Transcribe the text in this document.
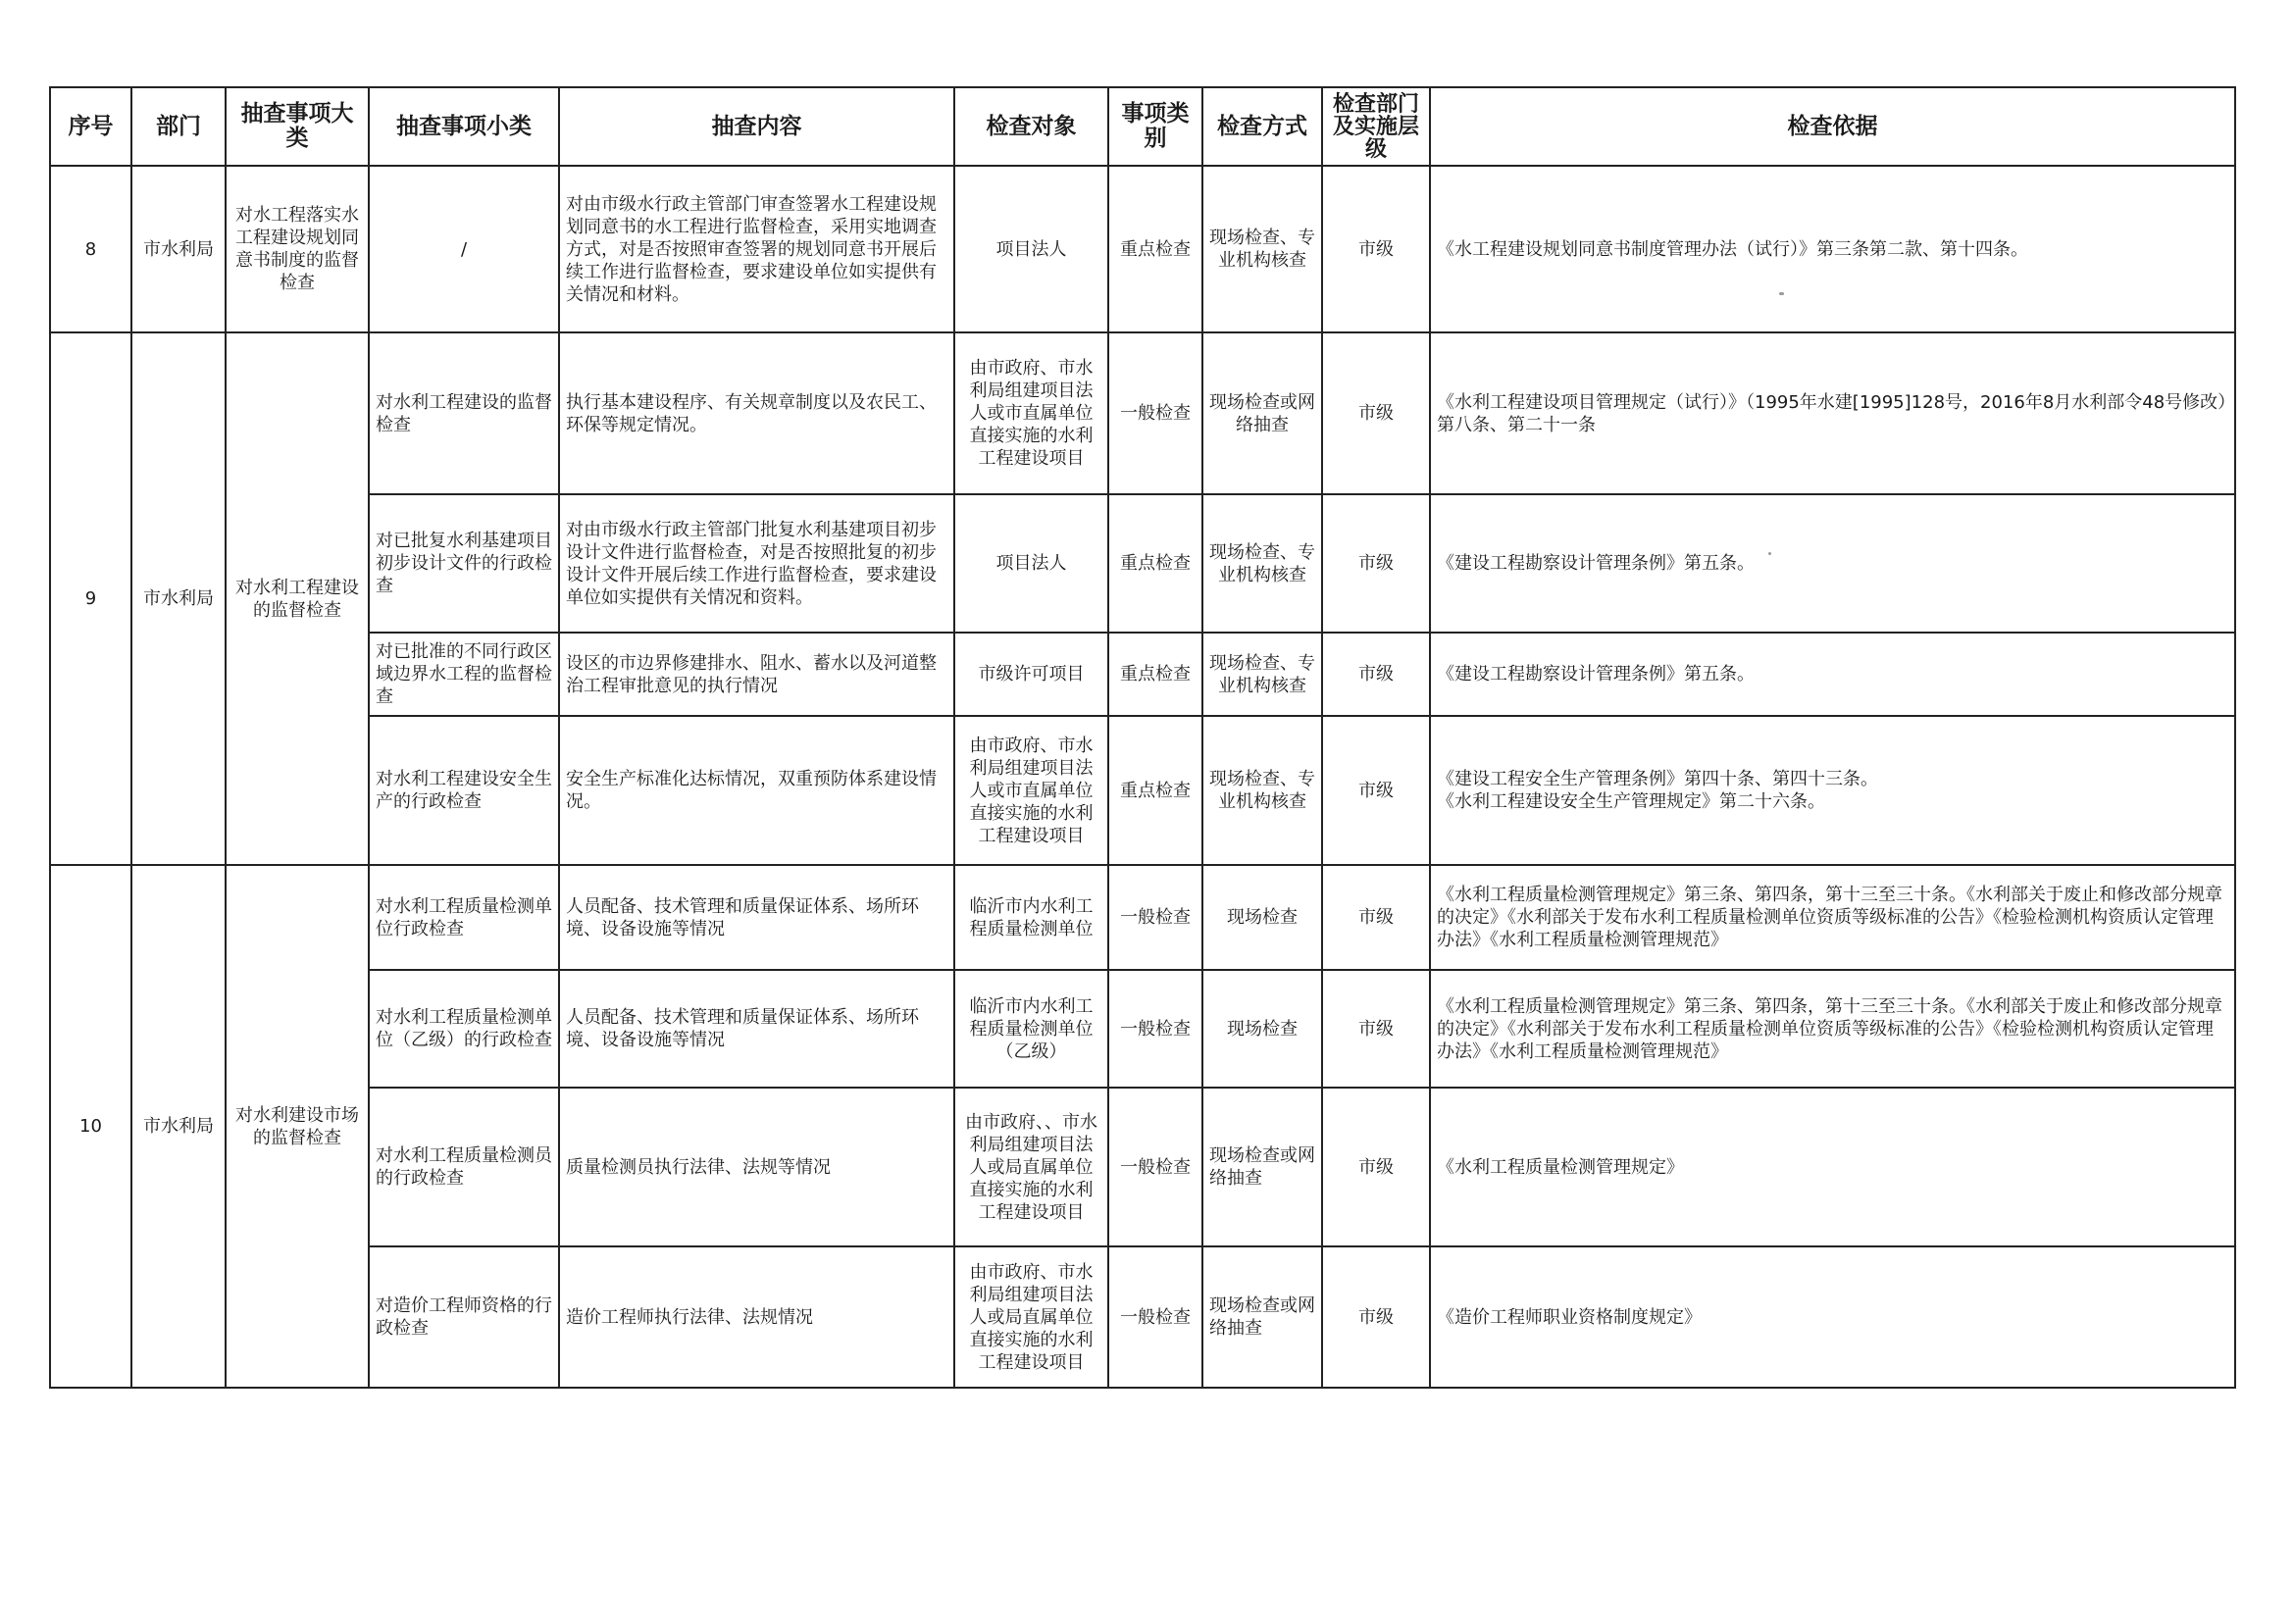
序号	部门	抽查事项大类	抽查事项小类	抽查内容	检查对象	事项类别	检查方式	检查部门及实施层级	检查依据
8	市水利局	对水工程落实水工程建设规划同意书制度的监督检查	/	对由市级水行政主管部门审查签署水工程建设规划同意书的水工程进行监督检查，采用实地调查方式，对是否按照审查签署的规划同意书开展后续工作进行监督检查，要求建设单位如实提供有关情况和材料。	项目法人	重点检查	现场检查、专业机构核查	市级	《水工程建设规划同意书制度管理办法（试行）》第三条第二款、第十四条。
9	市水利局	对水利工程建设的监督检查	对水利工程建设的监督检查	执行基本建设程序、有关规章制度以及农民工、环保等规定情况。	由市政府、市水利局组建项目法人或市直属单位直接实施的水利工程建设项目	一般检查	现场检查或网络抽查	市级	《水利工程建设项目管理规定（试行）》（1995年水建[1995]128号，2016年8月水利部令48号修改）第八条、第二十一条
			对已批复水利基建项目初步设计文件的行政检查	对由市级水行政主管部门批复水利基建项目初步设计文件进行监督检查，对是否按照批复的初步设计文件开展后续工作进行监督检查，要求建设单位如实提供有关情况和资料。	项目法人	重点检查	现场检查、专业机构核查	市级	《建设工程勘察设计管理条例》第五条。
			对已批准的不同行政区域边界水工程的监督检查	设区的市边界修建排水、阻水、蓄水以及河道整治工程审批意见的执行情况	市级许可项目	重点检查	现场检查、专业机构核查	市级	《建设工程勘察设计管理条例》第五条。
			对水利工程建设安全生产的行政检查	安全生产标准化达标情况，双重预防体系建设情况。	由市政府、市水利局组建项目法人或市直属单位直接实施的水利工程建设项目	重点检查	现场检查、专业机构核查	市级	《建设工程安全生产管理条例》第四十条、第四十三条。
《水利工程建设安全生产管理规定》第二十六条。
10	市水利局	对水利建设市场的监督检查	对水利工程质量检测单位行政检查	人员配备、技术管理和质量保证体系、场所环境、设备设施等情况	临沂市内水利工程质量检测单位	一般检查	现场检查	市级	《水利工程质量检测管理规定》第三条、第四条，第十三至三十条。《水利部关于废止和修改部分规章的决定》《水利部关于发布水利工程质量检测单位资质等级标准的公告》《检验检测机构资质认定管理办法》《水利工程质量检测管理规范》
			对水利工程质量检测单位（乙级）的行政检查	人员配备、技术管理和质量保证体系、场所环境、设备设施等情况	临沂市内水利工程质量检测单位（乙级）	一般检查	现场检查	市级	《水利工程质量检测管理规定》第三条、第四条，第十三至三十条。《水利部关于废止和修改部分规章的决定》《水利部关于发布水利工程质量检测单位资质等级标准的公告》《检验检测机构资质认定管理办法》《水利工程质量检测管理规范》
			对水利工程质量检测员的行政检查	质量检测员执行法律、法规等情况	由市政府、、市水利局组建项目法人或局直属单位直接实施的水利工程建设项目	一般检查	现场检查或网络抽查	市级	《水利工程质量检测管理规定》
			对造价工程师资格的行政检查	造价工程师执行法律、法规情况	由市政府、市水利局组建项目法人或局直属单位直接实施的水利工程建设项目	一般检查	现场检查或网络抽查	市级	《造价工程师职业资格制度规定》
